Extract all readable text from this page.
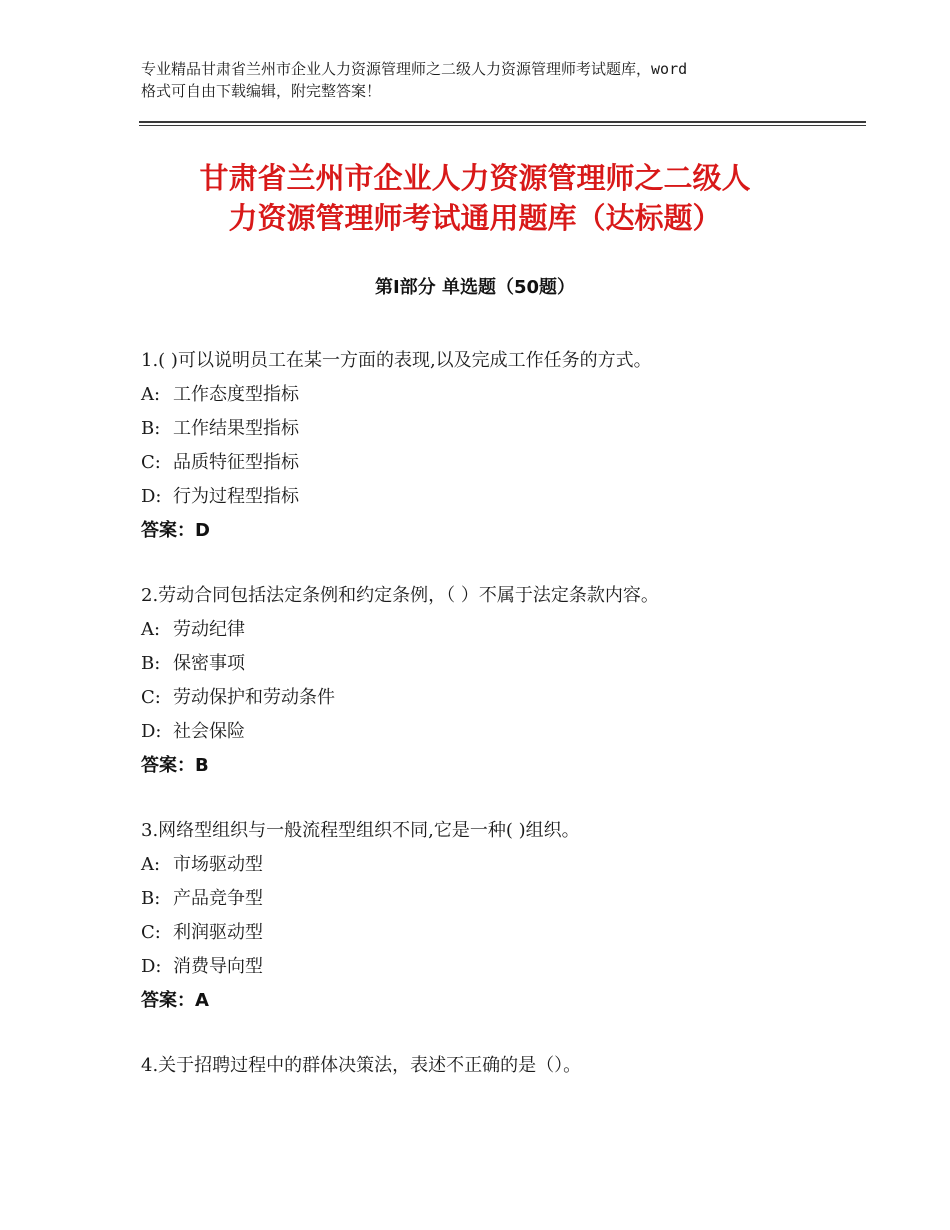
专业精品甘肃省兰州市企业人力资源管理师之二级人力资源管理师考试题库，word
格式可自由下载编辑，附完整答案！
甘肃省兰州市企业人力资源管理师之二级人
力资源管理师考试通用题库（达标题）
第Ⅰ部分 单选题（50题）
1.( )可以说明员工在某一方面的表现,以及完成工作任务的方式。
A: 工作态度型指标
B: 工作结果型指标
C: 品质特征型指标
D: 行为过程型指标
答案：D
2.劳动合同包括法定条例和约定条例，（ ）不属于法定条款内容。
A: 劳动纪律
B: 保密事项
C: 劳动保护和劳动条件
D: 社会保险
答案：B
3.网络型组织与一般流程型组织不同,它是一种( )组织。
A: 市场驱动型
B: 产品竞争型
C: 利润驱动型
D: 消费导向型
答案：A
4.关于招聘过程中的群体决策法，表述不正确的是（）。
